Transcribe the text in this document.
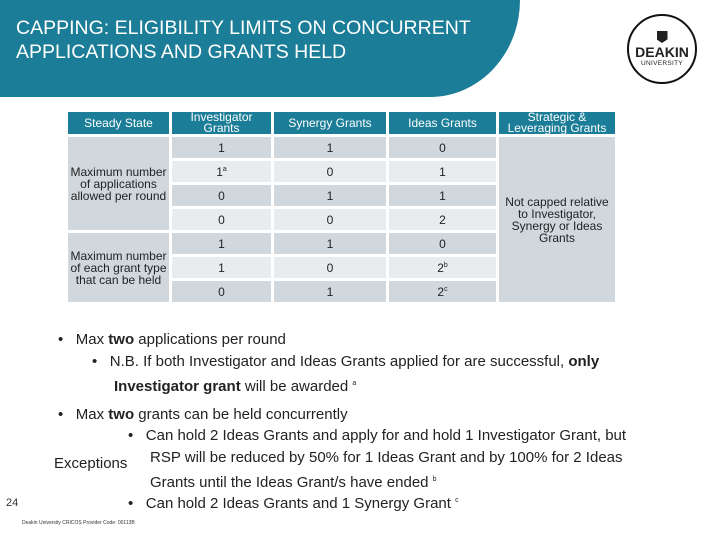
CAPPING: ELIGIBILITY LIMITS ON CONCURRENT
APPLICATIONS AND GRANTS HELD	DEAKIN
UNIVERSITY
Steady State	Investigator Grants	Synergy Grants	Ideas Grants	Strategic & Leveraging Grants
Maximum number of applications allowed per round	1	1	0	Not capped relative to Investigator, Synergy or Ideas Grants
	1$^a$	0	1	
	0	1	1	
	0	0	2	
Maximum number of each grant type that can be held	1	1	0	
	1	0	2$^b$
	0	1	2$^c$
•   Max two applications per round
•   N.B. If both Investigator and Ideas Grants applied for are successful, only Investigator grant will be awarded $^a$
•   Max two grants can be held concurrently
Exceptions
•   Can hold 2 Ideas Grants and apply for and hold 1 Investigator Grant, but
RSP will be reduced by 50% for 1 Ideas Grant and by 100% for 2 Ideas
Grants until the Ideas Grant/s have ended $^b$
•   Can hold 2 Ideas Grants and 1 Synergy Grant $^c$
24
Deakin University CRICOS Provider Code: 00113B
